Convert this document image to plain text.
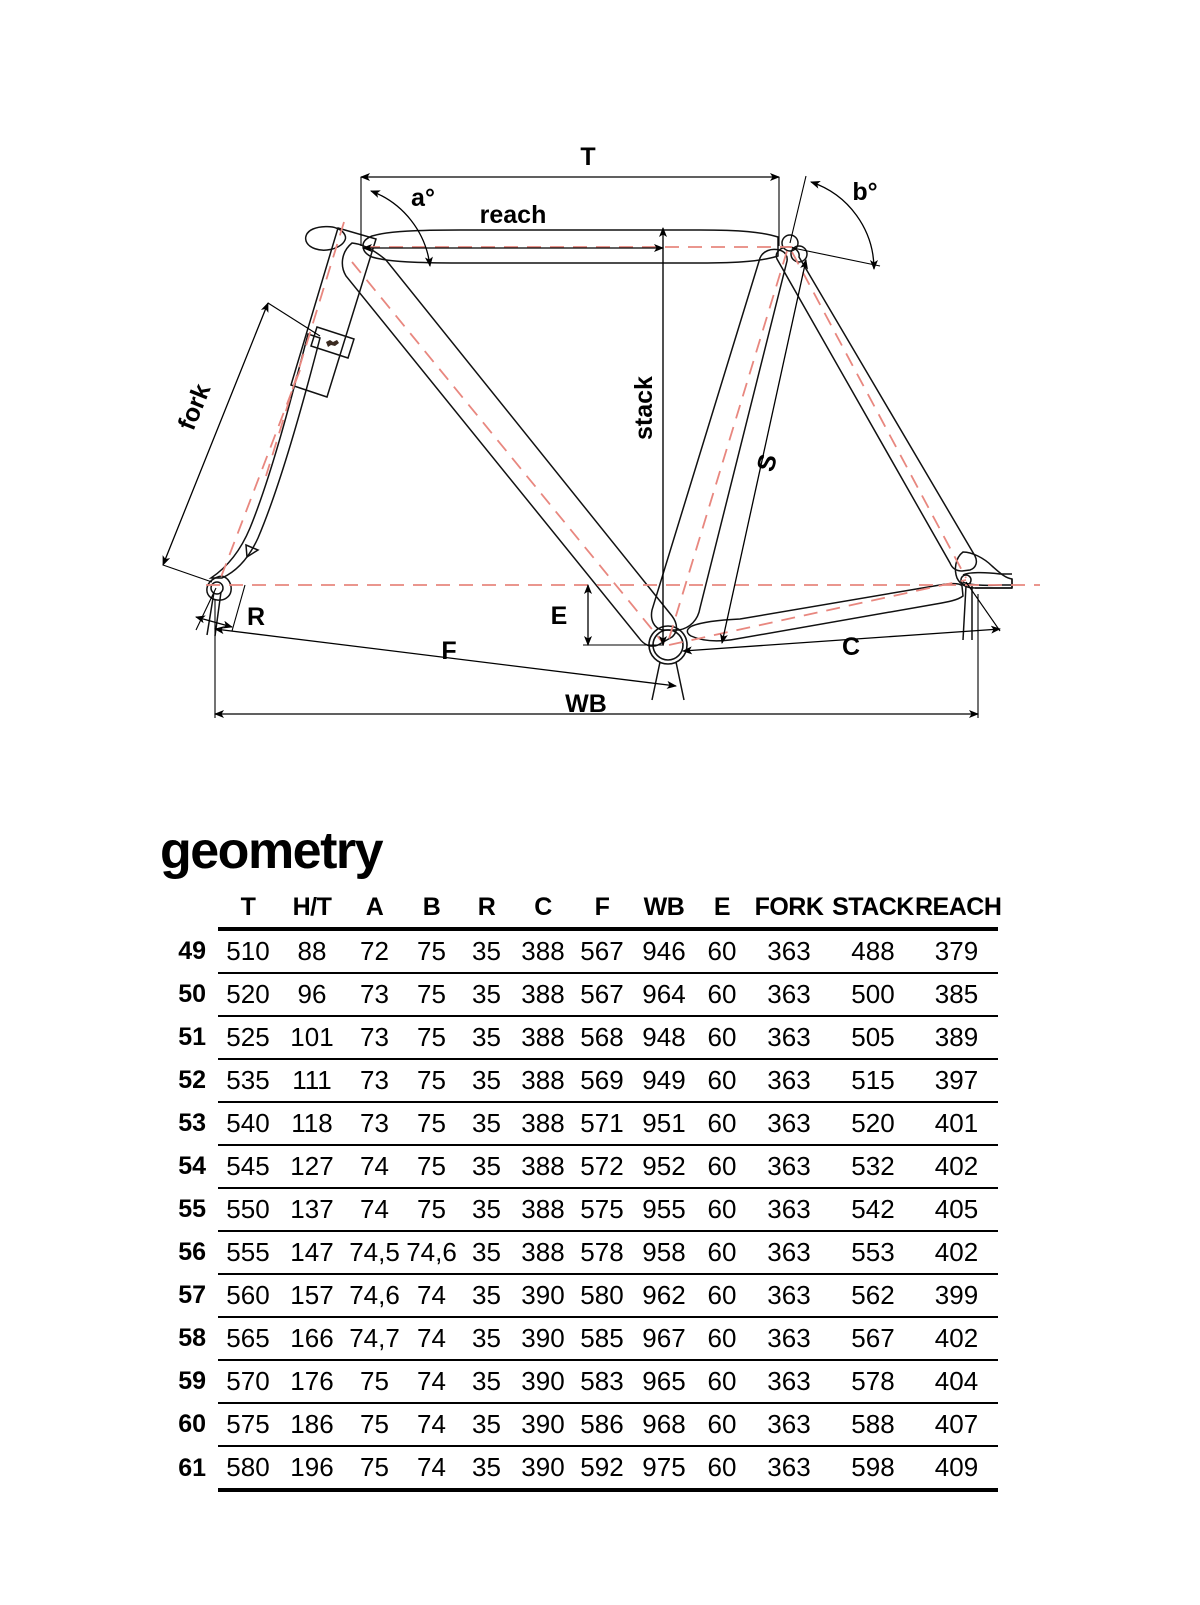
T
a°
reach
b°
fork
R
stack
S
E
C
F
WB
geometry
	T	H/T	A	B	R	C	F	WB	E	FORK	STACK	REACH
49	510	88	72	75	35	388	567	946	60	363	488	379
50	520	96	73	75	35	388	567	964	60	363	500	385
51	525	101	73	75	35	388	568	948	60	363	505	389
52	535	111	73	75	35	388	569	949	60	363	515	397
53	540	118	73	75	35	388	571	951	60	363	520	401
54	545	127	74	75	35	388	572	952	60	363	532	402
55	550	137	74	75	35	388	575	955	60	363	542	405
56	555	147	74,5	74,6	35	388	578	958	60	363	553	402
57	560	157	74,6	74	35	390	580	962	60	363	562	399
58	565	166	74,7	74	35	390	585	967	60	363	567	402
59	570	176	75	74	35	390	583	965	60	363	578	404
60	575	186	75	74	35	390	586	968	60	363	588	407
61	580	196	75	74	35	390	592	975	60	363	598	409
